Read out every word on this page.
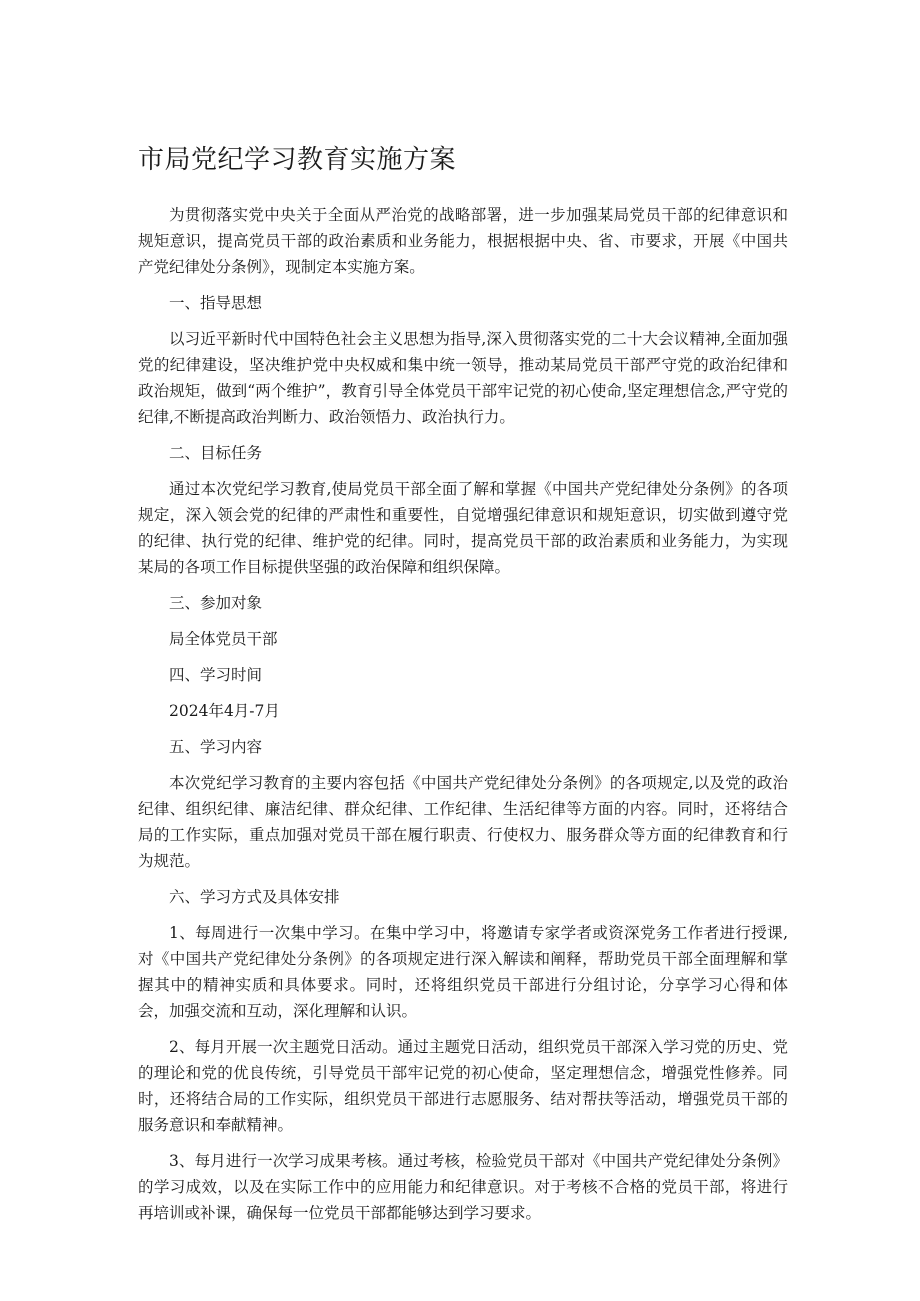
市局党纪学习教育实施方案

为贯彻落实党中央关于全面从严治党的战略部署，进一步加强某局党员干部的纪律意识和规矩意识，提高党员干部的政治素质和业务能力，根据根据中央、省、市要求，开展《中国共产党纪律处分条例》，现制定本实施方案。

一、指导思想

以习近平新时代中国特色社会主义思想为指导,深入贯彻落实党的二十大会议精神,全面加强党的纪律建设，坚决维护党中央权威和集中统一领导，推动某局党员干部严守党的政治纪律和政治规矩，做到“两个维护”，教育引导全体党员干部牢记党的初心使命,坚定理想信念,严守党的纪律,不断提高政治判断力、政治领悟力、政治执行力。

二、目标任务

通过本次党纪学习教育,使局党员干部全面了解和掌握《中国共产党纪律处分条例》的各项规定，深入领会党的纪律的严肃性和重要性，自觉增强纪律意识和规矩意识，切实做到遵守党的纪律、执行党的纪律、维护党的纪律。同时，提高党员干部的政治素质和业务能力，为实现某局的各项工作目标提供坚强的政治保障和组织保障。

三、参加对象

局全体党员干部

四、学习时间

2024年4月-7月

五、学习内容

本次党纪学习教育的主要内容包括《中国共产党纪律处分条例》的各项规定,以及党的政治纪律、组织纪律、廉洁纪律、群众纪律、工作纪律、生活纪律等方面的内容。同时，还将结合局的工作实际，重点加强对党员干部在履行职责、行使权力、服务群众等方面的纪律教育和行为规范。

六、学习方式及具体安排

1、每周进行一次集中学习。在集中学习中，将邀请专家学者或资深党务工作者进行授课,对《中国共产党纪律处分条例》的各项规定进行深入解读和阐释，帮助党员干部全面理解和掌握其中的精神实质和具体要求。同时，还将组织党员干部进行分组讨论，分享学习心得和体会，加强交流和互动，深化理解和认识。

2、每月开展一次主题党日活动。通过主题党日活动，组织党员干部深入学习党的历史、党的理论和党的优良传统，引导党员干部牢记党的初心使命，坚定理想信念，增强党性修养。同时，还将结合局的工作实际，组织党员干部进行志愿服务、结对帮扶等活动，增强党员干部的服务意识和奉献精神。

3、每月进行一次学习成果考核。通过考核，检验党员干部对《中国共产党纪律处分条例》的学习成效，以及在实际工作中的应用能力和纪律意识。对于考核不合格的党员干部，将进行再培训或补课，确保每一位党员干部都能够达到学习要求。
